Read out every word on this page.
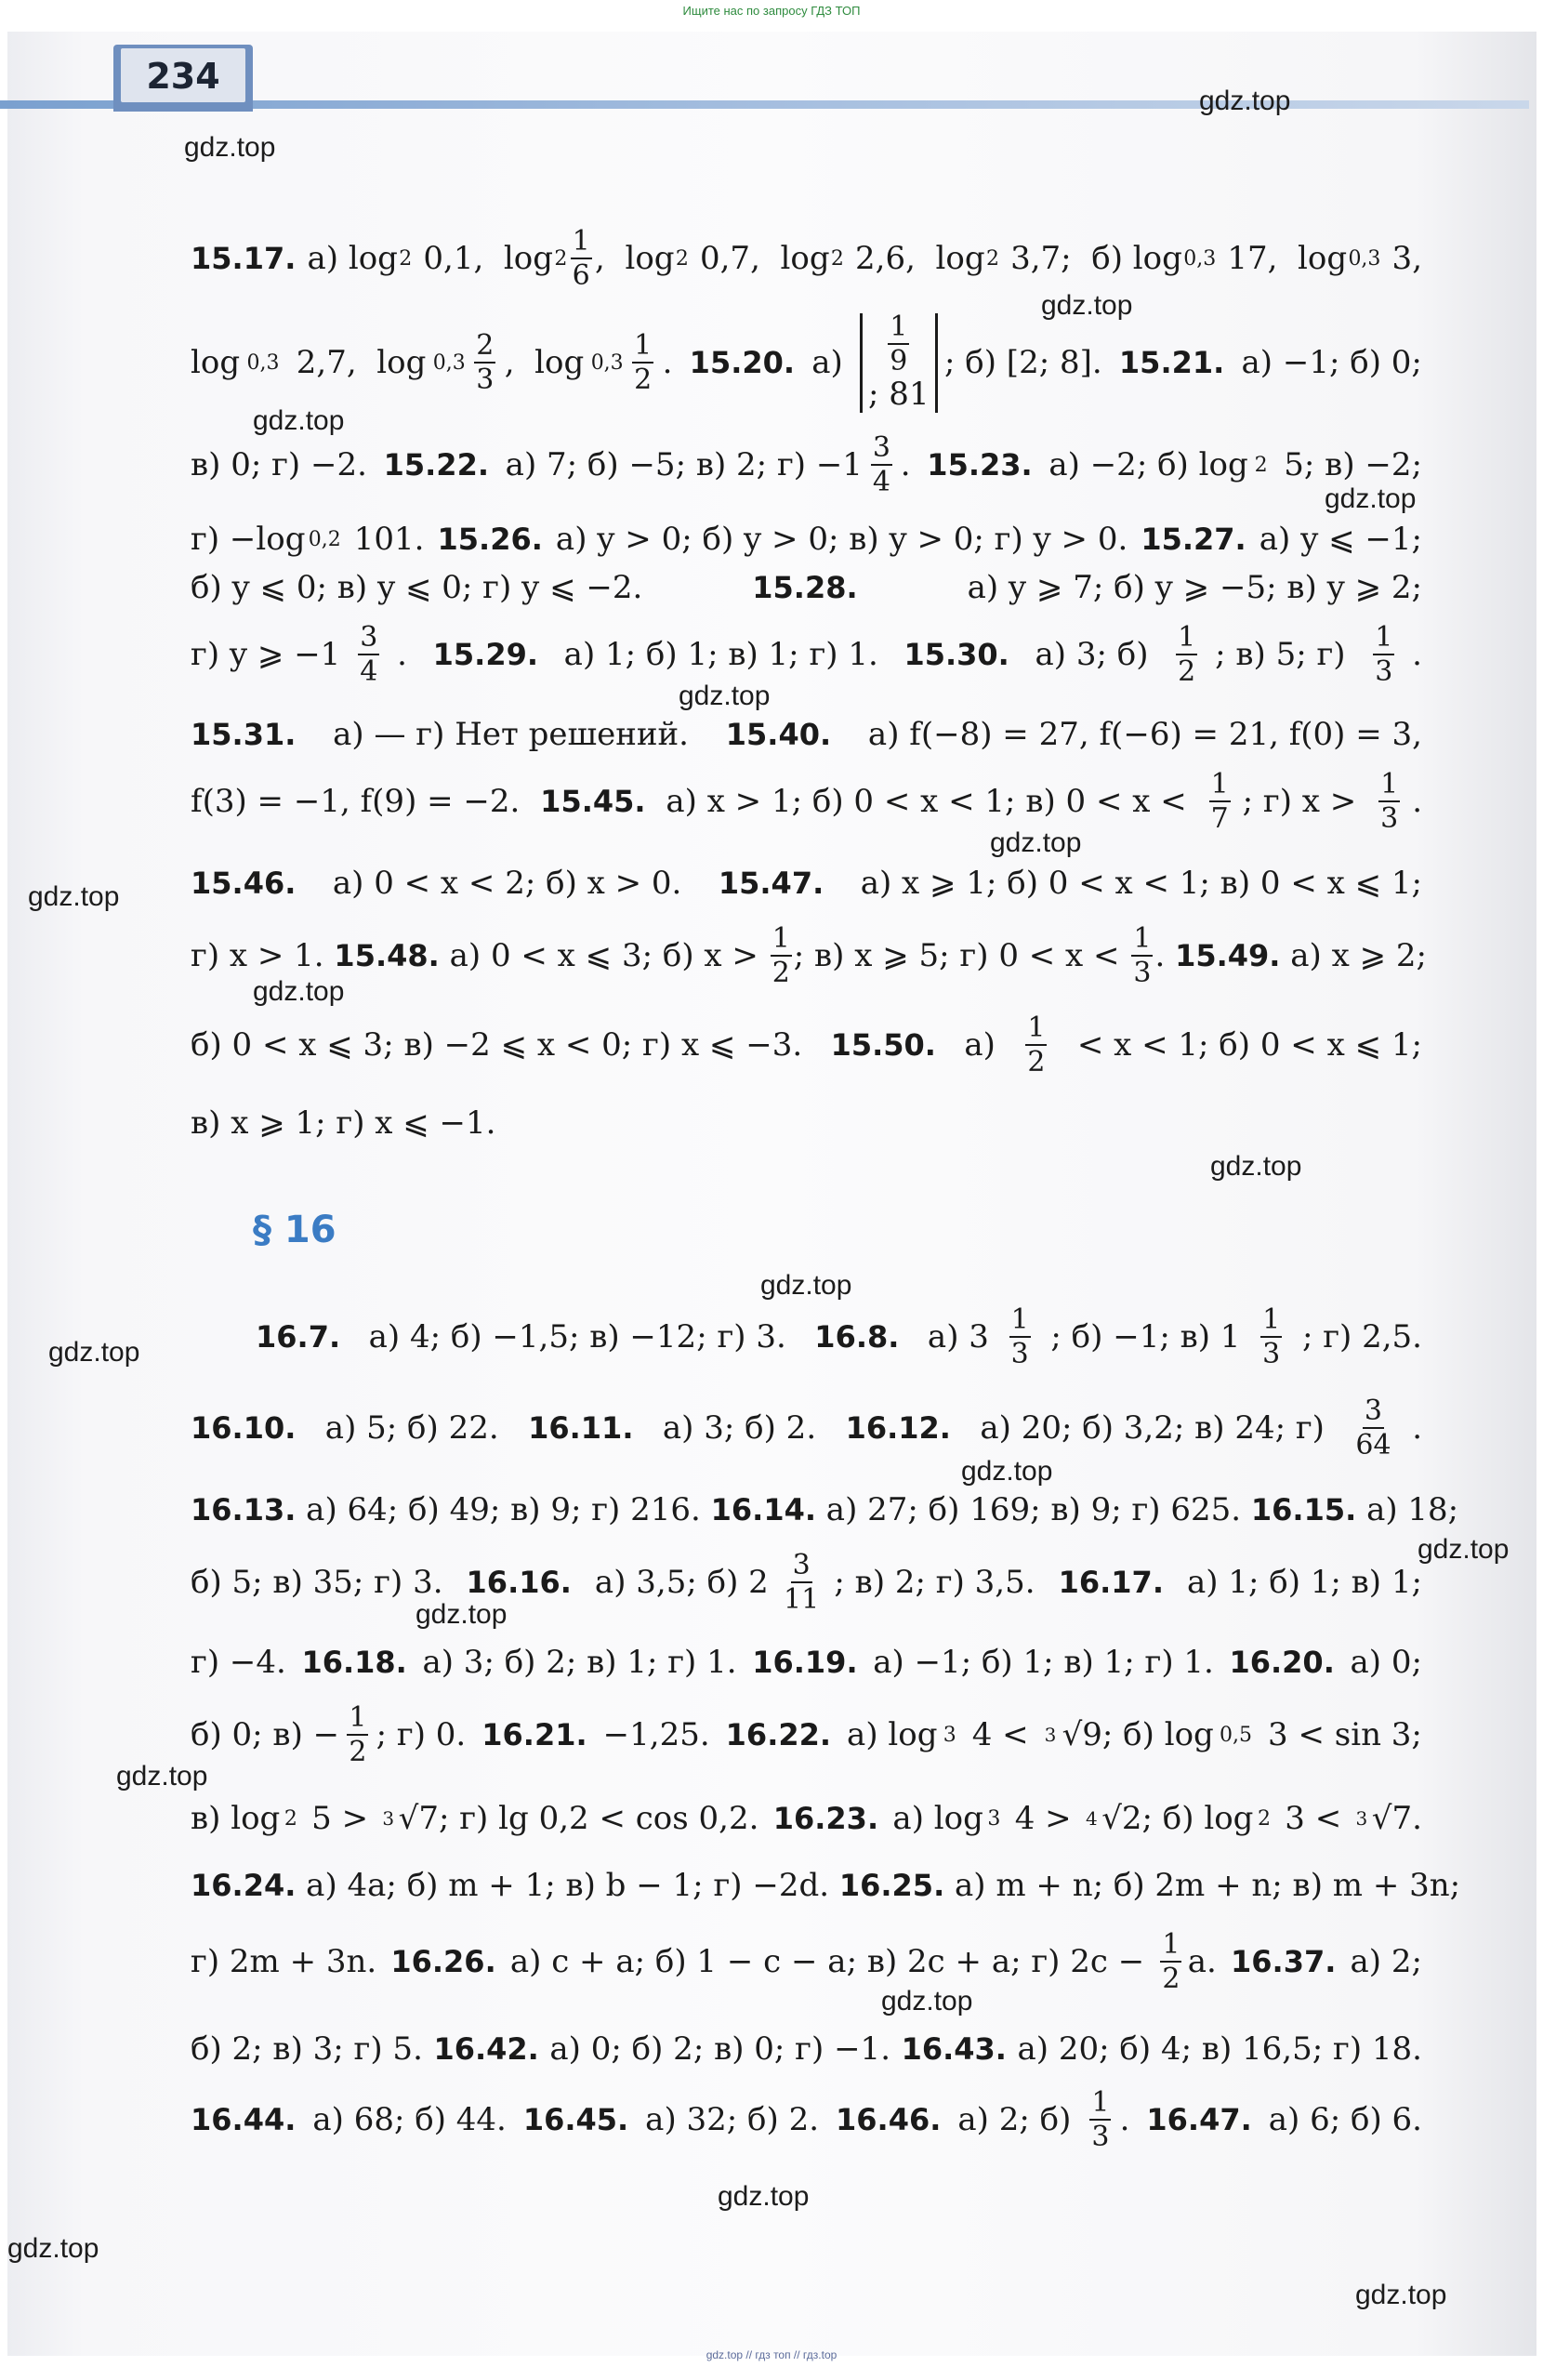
Ищите нас по запросу ГДЗ ТОП
234
gdz.top
gdz.top
gdz.top
gdz.top
gdz.top
gdz.top
gdz.top
gdz.top
gdz.top
gdz.top
gdz.top
gdz.top
gdz.top
gdz.top
gdz.top
gdz.top
gdz.top
gdz.top
gdz.top
gdz.top
§ 16
15.17. а) log 2 0,1,  $\log 2 \frac{1}{6}$ ,  log 2 0,7,  log 2 2,6,  log 2 3,7;  б) log 0,3 17,  log 0,3 3,
log 0,3 2,7,  $\log 0,3 \frac{2}{3}$ ,  $\log 0,3 \frac{1}{2}$ . 15.20. $а) \frac{1}{9}$
; 81
; б) [2; 8]. 15.21. а) −1; б) 0;
в) 0; г) −2. 15.22. а) 7; б) −5; в) 2; $г) -1 \frac{3}{4}$ . 15.23. а) −2; б) log 2 5; в) −2;
г) −log 0,2 101. 15.26. а) y > 0; б) y > 0; в) y > 0; г) y > 0. 15.27. а) y ⩽ −1;
б) y ⩽ 0; в) y ⩽ 0; г) y ⩽ −2.	15.28.	а) y ⩾ 7; б) y ⩾ −5; в) y ⩾ 2;
г) y ⩾ $-1 \frac{3}{4}$ . 15.29. а) 1; б) 1; в) 1; г) 1. 15.30. а) 3; $б) \frac{1}{2}$ ; в) 5; $г) \frac{1}{3}$ .
15.31. а) — г) Нет решений. 15.40. а) f(−8) = 27, f(−6) = 21, f(0) = 3,
f(3) = −1, f(9) = −2. 15.45. а) x > 1; б) 0 < x < 1; в) $0 < x < \frac{1}{7}$ ; г) $x > \frac{1}{3}$ .
15.46. а) 0 < x < 2; б) x > 0. 15.47. а) x ⩾ 1; б) 0 < x < 1; в) 0 < x ⩽ 1;
г) x > 1. 15.48. а) 0 < x ⩽ 3; б) $x > \frac{1}{2}$ ; в) x ⩾ 5; г) $0 < x < \frac{1}{3}$ . 15.49. а) x ⩾ 2;
б) 0 < x ⩽ 3; в) −2 ⩽ x < 0; г) x ⩽ −3. 15.50. $а) \frac{1}{2} < x < 1$; б) 0 < x ⩽ 1;
в) x ⩾ 1; г) x ⩽ −1.
16.7. а) 4; б) −1,5; в) −12; г) 3. 16.8. а) $3 \frac{1}{3}$ ; б) −1; в) $1 \frac{1}{3}$ ; г) 2,5.
16.10. а) 5; б) 22. 16.11. а) 3; б) 2. 16.12. а) 20; б) 3,2; в) 24; $г) \frac{3}{64}$ .
16.13. а) 64; б) 49; в) 9; г) 216. 16.14. а) 27; б) 169; в) 9; г) 625. 16.15. а) 18;
б) 5; в) 35; г) 3. 16.16. а) 3,5; б) $2 \frac{3}{11}$ ; в) 2; г) 3,5. 16.17. а) 1; б) 1; в) 1;
г) −4. 16.18. а) 3; б) 2; в) 1; г) 1. 16.19. а) −1; б) 1; в) 1; г) 1. 16.20. а) 0;
б) 0; $в) - \frac{1}{2}$ ; г) 0. 16.21. −1,25. 16.22. а) log 3 4 < 3 √9; б) log 0,5 3 < sin 3;
в) log 2 5 > 3 √7; г) lg 0,2 < cos 0,2. 16.23. а) log 3 4 > 4 √2; б) log 2 3 < 3 √7.
16.24. а) 4a; б) m + 1; в) b − 1; г) −2d. 16.25. а) m + n; б) 2m + n; в) m + 3n;
г) 2m + 3n. 16.26. а) c + a; б) 1 − c − a; в) 2c + a; г) $2c - \frac{1}{2} a$. 16.37. а) 2;
б) 2; в) 3; г) 5. 16.42. а) 0; б) 2; в) 0; г) −1. 16.43. а) 20; б) 4; в) 16,5; г) 18.
16.44. а) 68; б) 44. 16.45. а) 32; б) 2. 16.46. а) 2; $б) \frac{1}{3}$ . 16.47. а) 6; б) 6.
gdz.top // гдз топ // гдз.top
